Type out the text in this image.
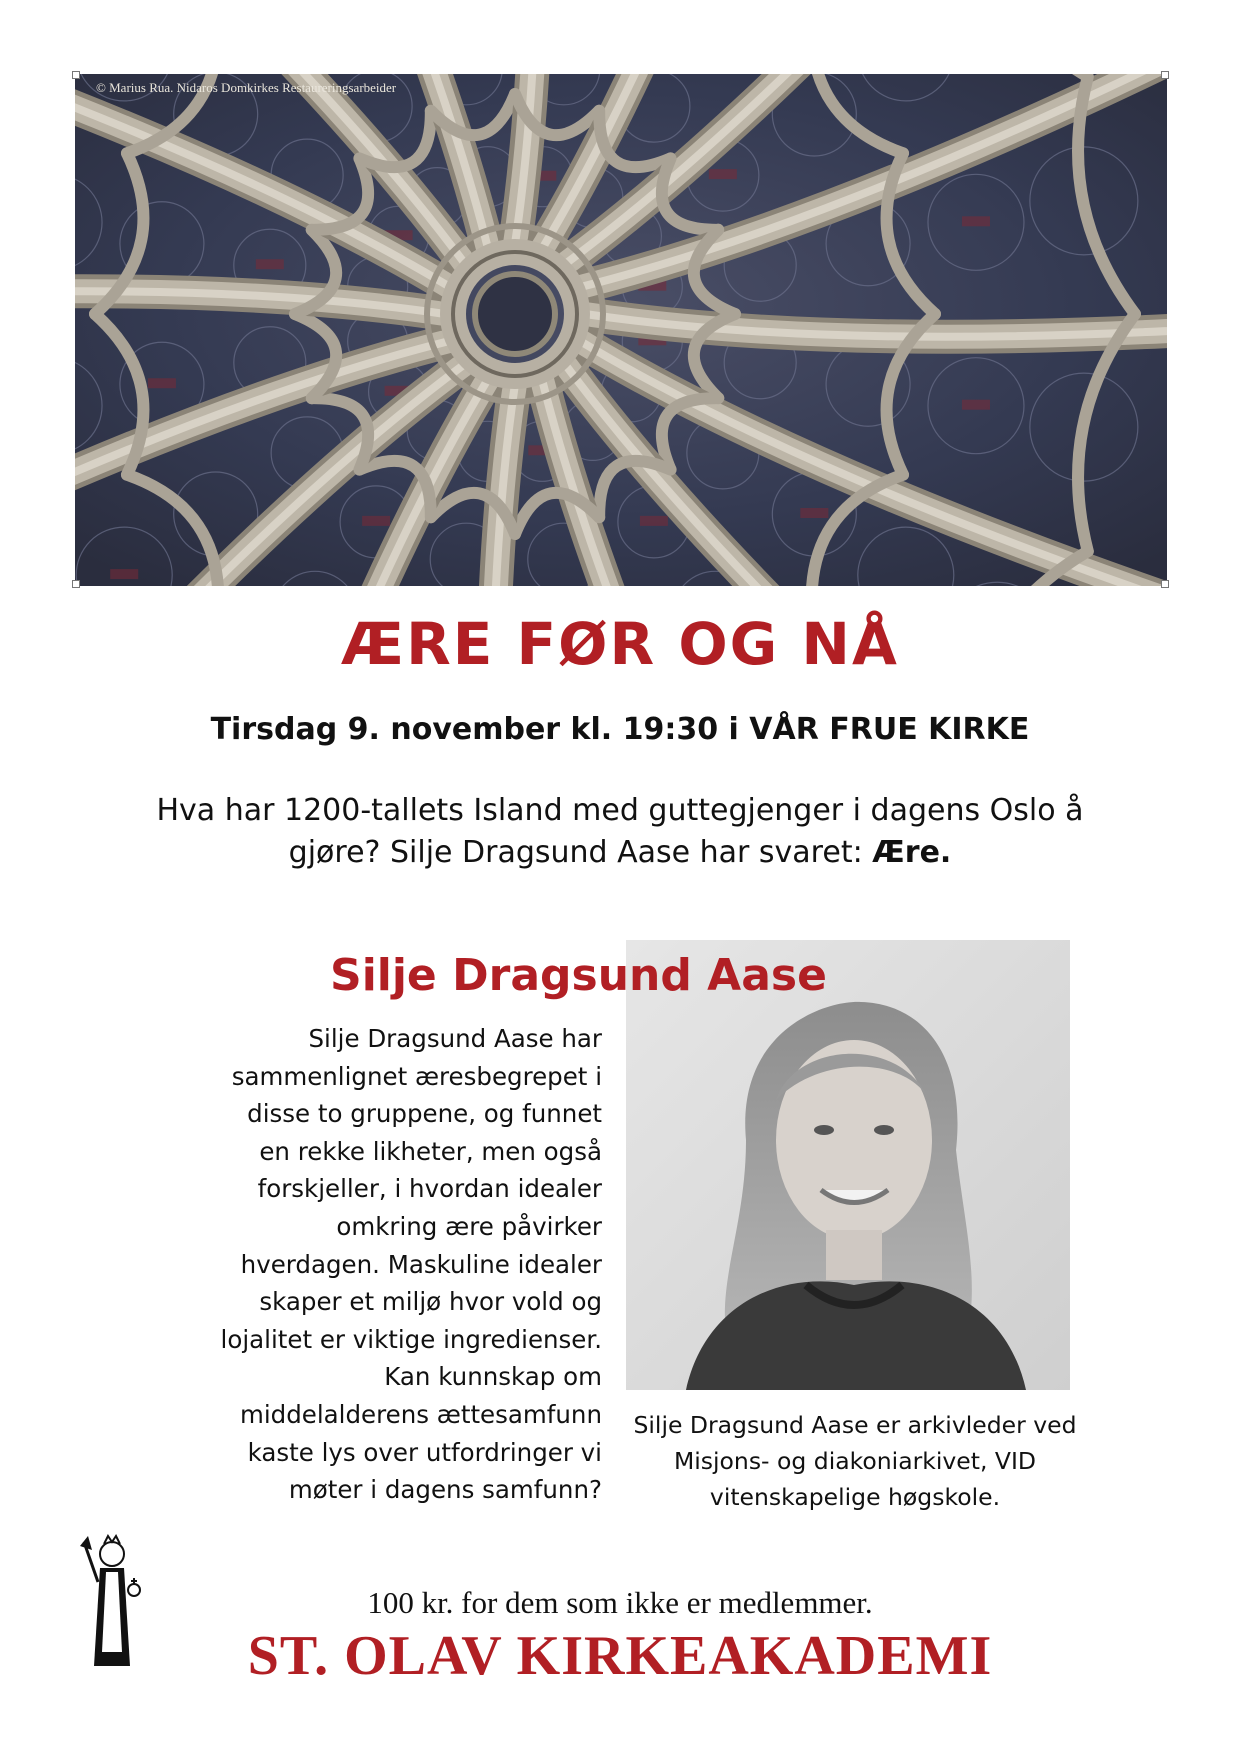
© Marius Rua. Nidaros Domkirkes Restaureringsarbeider
ÆRE FØR OG NÅ
Tirsdag 9. november kl. 19:30 i VÅR FRUE KIRKE
Hva har 1200-tallets Island med guttegjenger i dagens Oslo å gjøre? Silje Dragsund Aase har svaret: Ære.
Silje Dragsund Aase
Silje Dragsund Aase har sammenlignet æresbegrepet i disse to gruppene, og funnet en rekke likheter, men også forskjeller, i hvordan idealer omkring ære påvirker hverdagen. Maskuline idealer skaper et miljø hvor vold og lojalitet er viktige ingredienser. Kan kunnskap om middelalderens ættesamfunn kaste lys over utfordringer vi møter i dagens samfunn?
Silje Dragsund Aase er arkivleder ved Misjons- og diakoniarkivet, VID vitenskapelige høgskole.
100 kr. for dem som ikke er medlemmer.
ST. OLAV KIRKEAKADEMI
